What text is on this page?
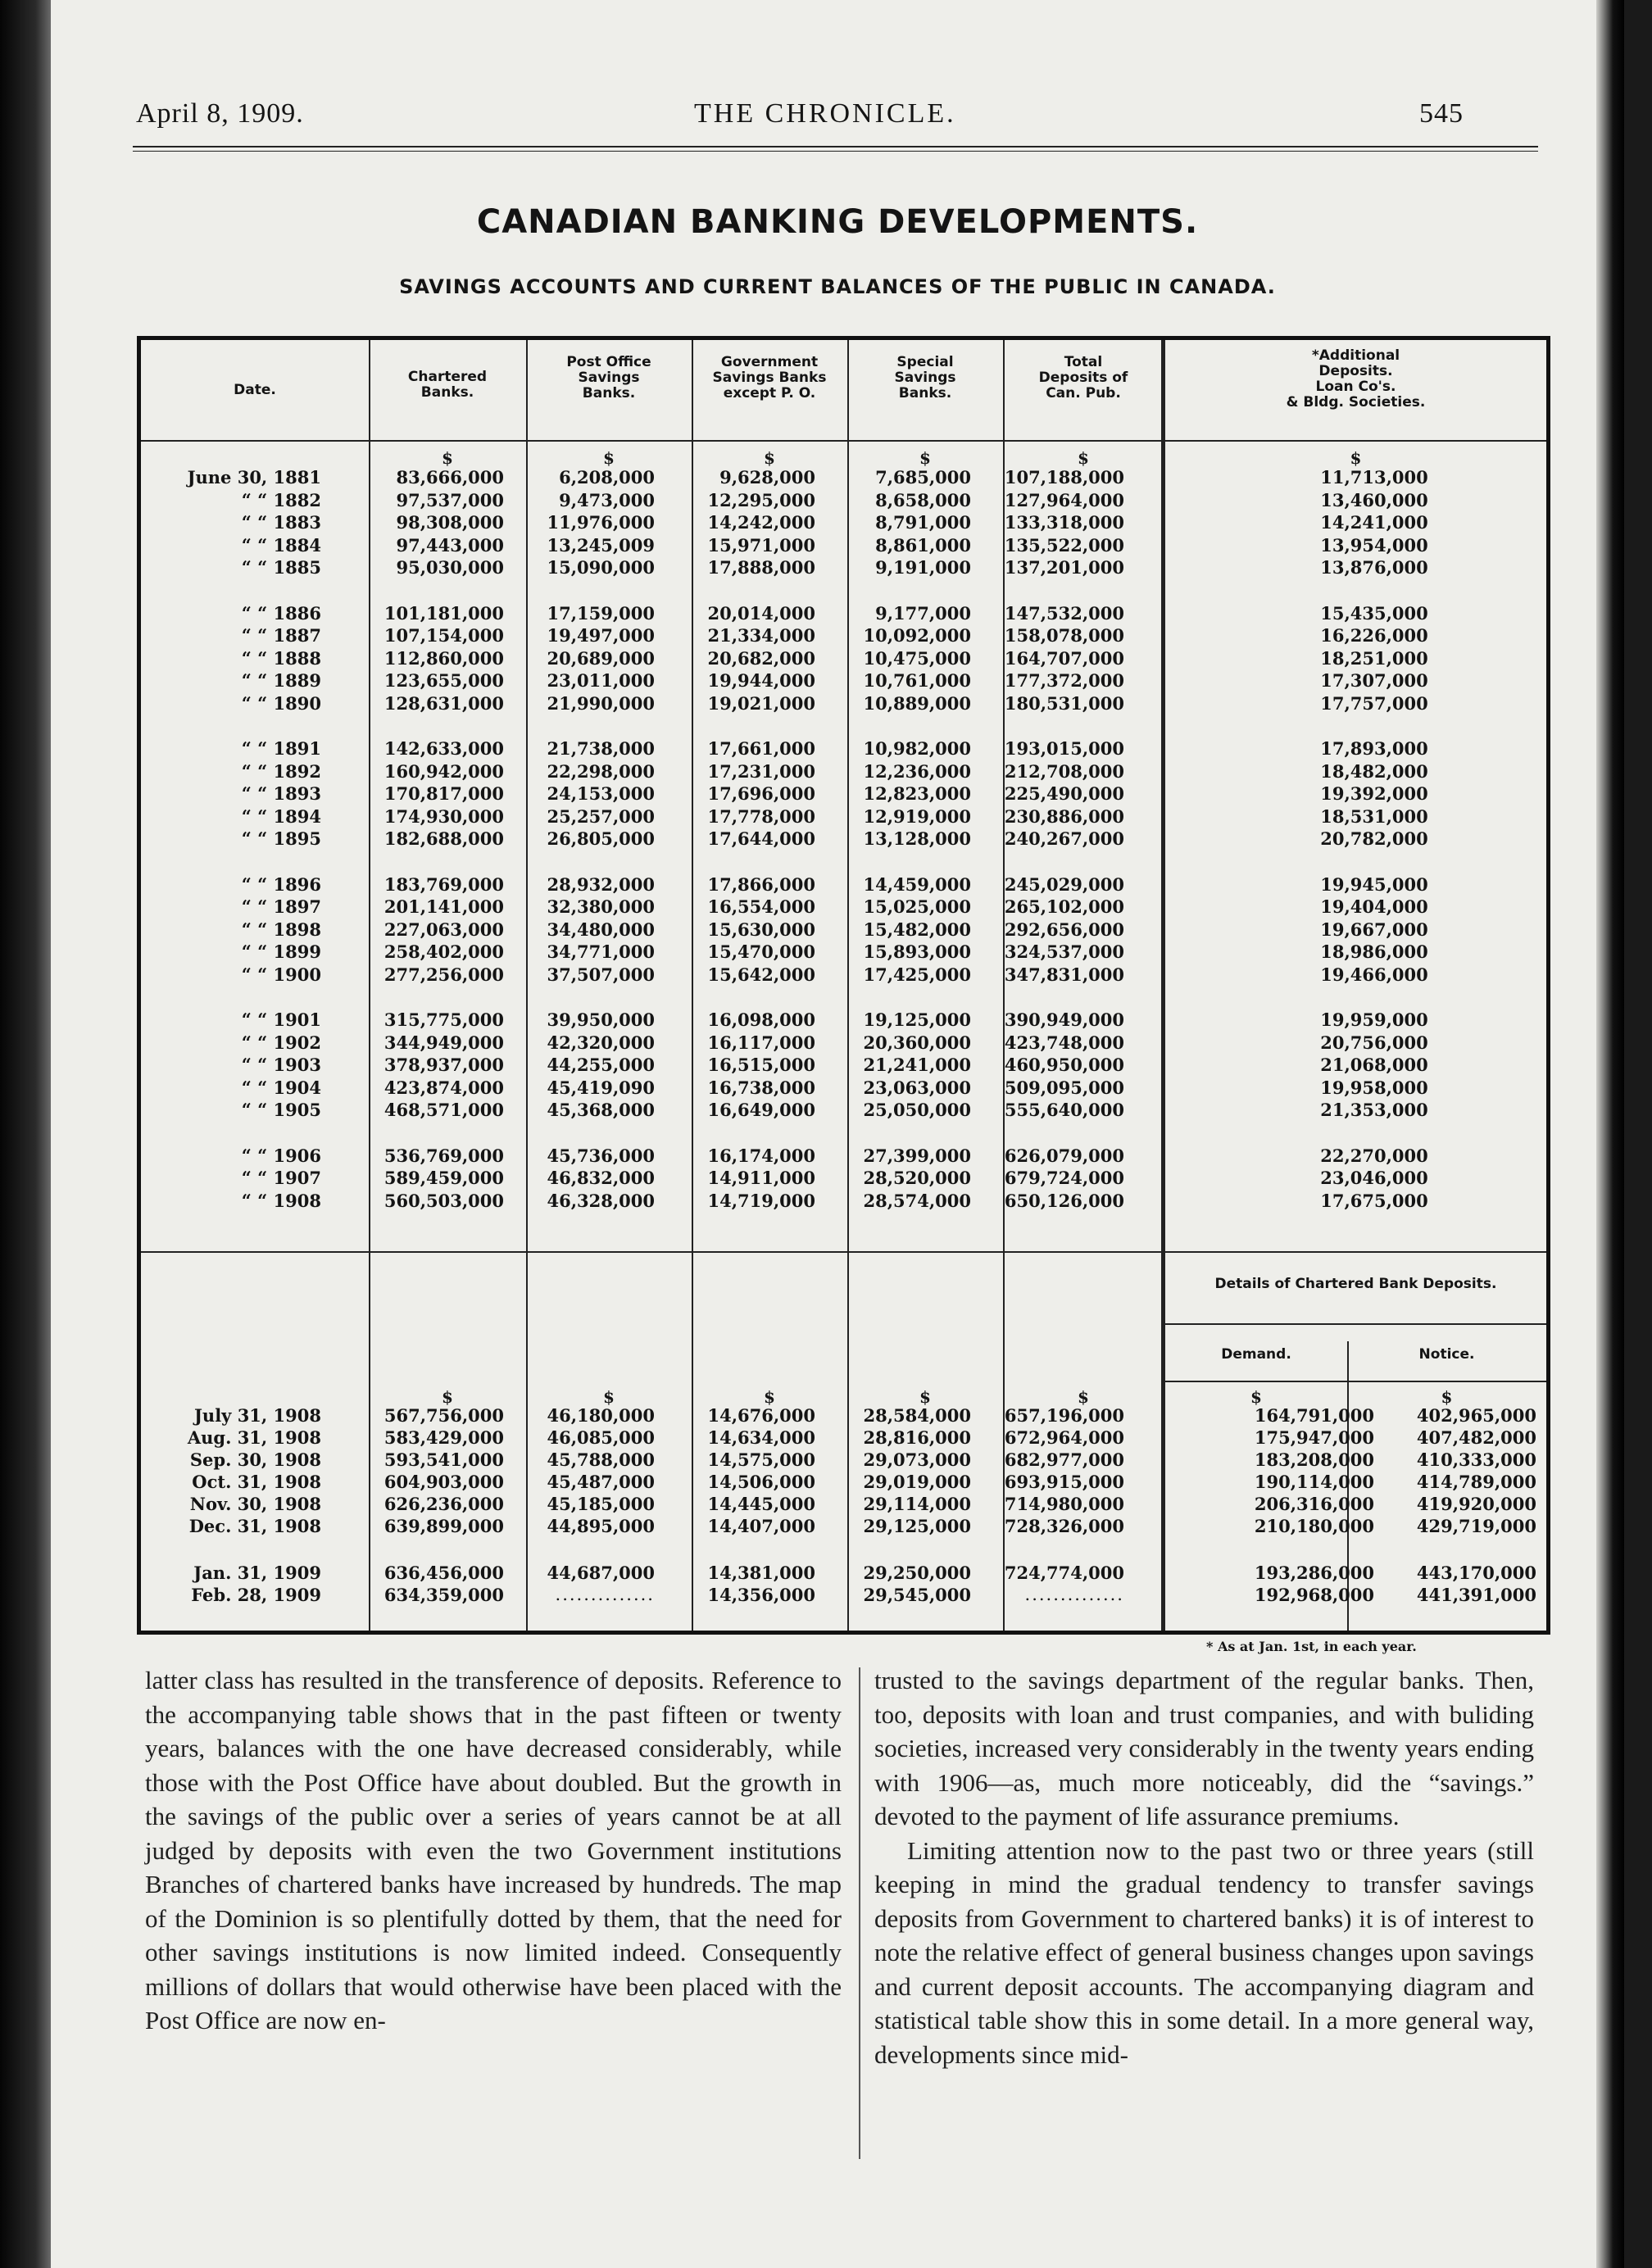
April 8, 1909.	THE CHRONICLE.	545
CANADIAN BANKING DEVELOPMENTS.
SAVINGS ACCOUNTS AND CURRENT BALANCES OF THE PUBLIC IN CANADA.
Date.
Chartered
Banks.
Post Office
Savings
Banks.
Government
Savings Banks
except P. O.
Special
Savings
Banks.
Total
Deposits of
Can. Pub.
*Additional
Deposits.
Loan Co's.
& Bldg. Societies.
$	$	$	$	$	$
June 30, 1881	83,666,000	6,208,000	9,628,000	7,685,000 107,188,000	11,713,000
“ “ 1882	97,537,000	9,473,000	12,295,000	8,658,000 127,964,000	13,460,000
“ “ 1883	98,308,000 11,976,000	14,242,000	8,791,000 133,318,000	14,241,000
“ “ 1884	97,443,000 13,245,009	15,971,000	8,861,000 135,522,000	13,954,000
“ “ 1885	95,030,000 15,090,000	17,888,000	9,191,000 137,201,000	13,876,000
“ “ 1886	101,181,000 17,159,000	20,014,000	9,177,000 147,532,000	15,435,000
“ “ 1887	107,154,000 19,497,000	21,334,000	10,092,000 158,078,000	16,226,000
“ “ 1888	112,860,000 20,689,000	20,682,000	10,475,000 164,707,000	18,251,000
“ “ 1889	123,655,000 23,011,000	19,944,000	10,761,000 177,372,000	17,307,000
“ “ 1890	128,631,000 21,990,000	19,021,000	10,889,000 180,531,000	17,757,000
“ “ 1891	142,633,000 21,738,000	17,661,000	10,982,000 193,015,000	17,893,000
“ “ 1892	160,942,000 22,298,000	17,231,000	12,236,000 212,708,000	18,482,000
“ “ 1893	170,817,000 24,153,000	17,696,000	12,823,000 225,490,000	19,392,000
“ “ 1894	174,930,000 25,257,000	17,778,000	12,919,000 230,886,000	18,531,000
“ “ 1895	182,688,000 26,805,000	17,644,000	13,128,000 240,267,000	20,782,000
“ “ 1896	183,769,000 28,932,000	17,866,000	14,459,000 245,029,000	19,945,000
“ “ 1897	201,141,000 32,380,000	16,554,000	15,025,000 265,102,000	19,404,000
“ “ 1898	227,063,000 34,480,000	15,630,000	15,482,000 292,656,000	19,667,000
“ “ 1899	258,402,000 34,771,000	15,470,000	15,893,000 324,537,000	18,986,000
“ “ 1900	277,256,000 37,507,000	15,642,000	17,425,000 347,831,000	19,466,000
“ “ 1901	315,775,000 39,950,000	16,098,000	19,125,000 390,949,000	19,959,000
“ “ 1902	344,949,000 42,320,000	16,117,000	20,360,000 423,748,000	20,756,000
“ “ 1903	378,937,000 44,255,000	16,515,000	21,241,000 460,950,000	21,068,000
“ “ 1904	423,874,000 45,419,090	16,738,000	23,063,000 509,095,000	19,958,000
“ “ 1905	468,571,000 45,368,000	16,649,000	25,050,000 555,640,000	21,353,000
“ “ 1906	536,769,000 45,736,000	16,174,000	27,399,000 626,079,000	22,270,000
“ “ 1907	589,459,000 46,832,000	14,911,000	28,520,000 679,724,000	23,046,000
“ “ 1908	560,503,000 46,328,000	14,719,000	28,574,000 650,126,000	17,675,000
Details of Chartered Bank Deposits.
Demand.	Notice.
$	$	$	$	$	$	$
July 31, 1908	567,756,000 46,180,000	14,676,000	28,584,000 657,196,000	164,791,000 402,965,000
Aug. 31, 1908	583,429,000 46,085,000	14,634,000	28,816,000 672,964,000	175,947,000 407,482,000
Sep. 30, 1908	593,541,000 45,788,000	14,575,000	29,073,000 682,977,000	183,208,000 410,333,000
Oct. 31, 1908	604,903,000 45,487,000	14,506,000	29,019,000 693,915,000	190,114,000 414,789,000
Nov. 30, 1908	626,236,000 45,185,000	14,445,000	29,114,000 714,980,000	206,316,000 419,920,000
Dec. 31, 1908	639,899,000 44,895,000	14,407,000	29,125,000 728,326,000	210,180,000 429,719,000
Jan. 31, 1909	636,456,000 44,687,000	14,381,000	29,250,000 724,774,000	193,286,000 443,170,000
Feb. 28, 1909	634,359,000	..............	14,356,000	29,545,000	..............	192,968,000 441,391,000
* As at Jan. 1st, in each year.

latter class has resulted in the transference of deposits. Reference to the accompanying table shows that in the past fifteen or twenty years, balances with the one have decreased considerably, while those with the Post Office have about doubled. But the growth in the savings of the public over a series of years cannot be at all judged by deposits with even the two Government institutions Branches of chartered banks have increased by hundreds. The map of the Dominion is so plentifully dotted by them, that the need for other savings institutions is now limited indeed. Consequently millions of dollars that would otherwise have been placed with the Post Office are now en-

trusted to the savings department of the regular banks. Then, too, deposits with loan and trust companies, and with buliding societies, increased very considerably in the twenty years ending with 1906—as, much more noticeably, did the “savings.” devoted to the payment of life assurance premiums.

Limiting attention now to the past two or three years (still keeping in mind the gradual tendency to transfer savings deposits from Government to chartered banks) it is of interest to note the relative effect of general business changes upon savings and current deposit accounts. The accompanying diagram and statistical table show this in some detail. In a more general way, developments since mid-
